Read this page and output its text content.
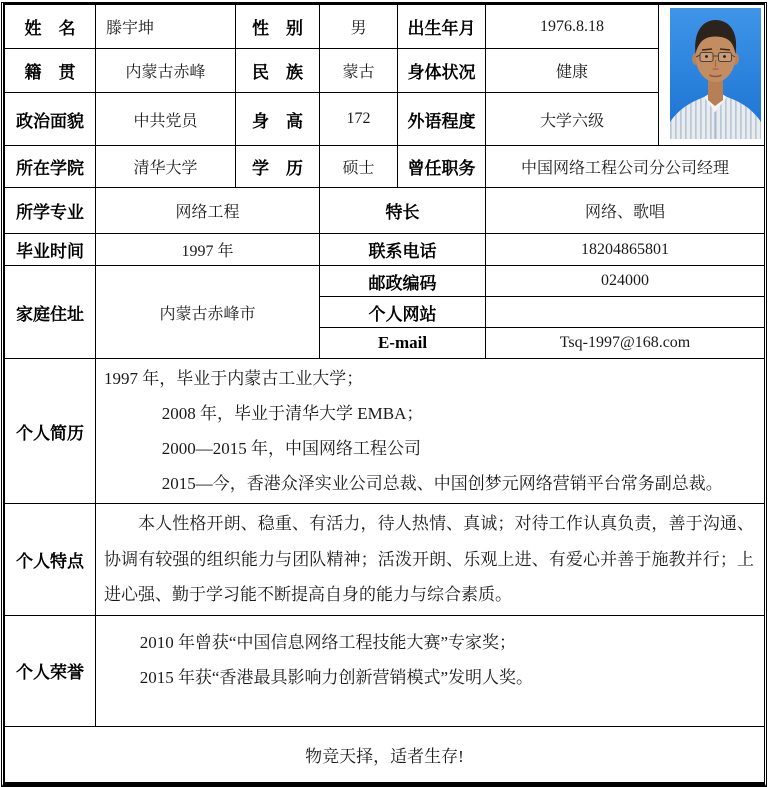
姓　名	滕宇坤	性　别	男	出生年月	1976.8.18	

籍　贯	内蒙古赤峰	民　族	蒙古	身体状况	健康	
政治面貌	中共党员	身　高	172	外语程度	大学六级	
所在学院	清华大学	学　历	硕士	曾任职务	中国网络工程公司分公司经理	
所学专业	网络工程		特长		网络、歌唱	
毕业时间	1997 年		联系电话		18204865801	
家庭住址	内蒙古赤峰市		邮政编码		024000	
			个人网站			
			E-mail		Tsq-1997@168.com	
个人简历	1997 年，毕业于内蒙古工业大学；
2008 年，毕业于清华大学 EMBA；
2000—2015 年，中国网络工程公司
2015—今，香港众泽实业公司总裁、中国创梦元网络营销平台常务副总裁。					

个人特点	本人性格开朗、稳重、有活力，待人热情、真诚；对待工作认真负责，善于沟通、协调有较强的组织能力与团队精神；活泼开朗、乐观上进、有爱心并善于施教并行；上进心强、勤于学习能不断提高自身的能力与综合素质。					

个人荣誉	2010 年曾获“中国信息网络工程技能大赛”专家奖；
2015 年获“香港最具影响力创新营销模式”发明人奖。					

物竞天择，适者生存!						
